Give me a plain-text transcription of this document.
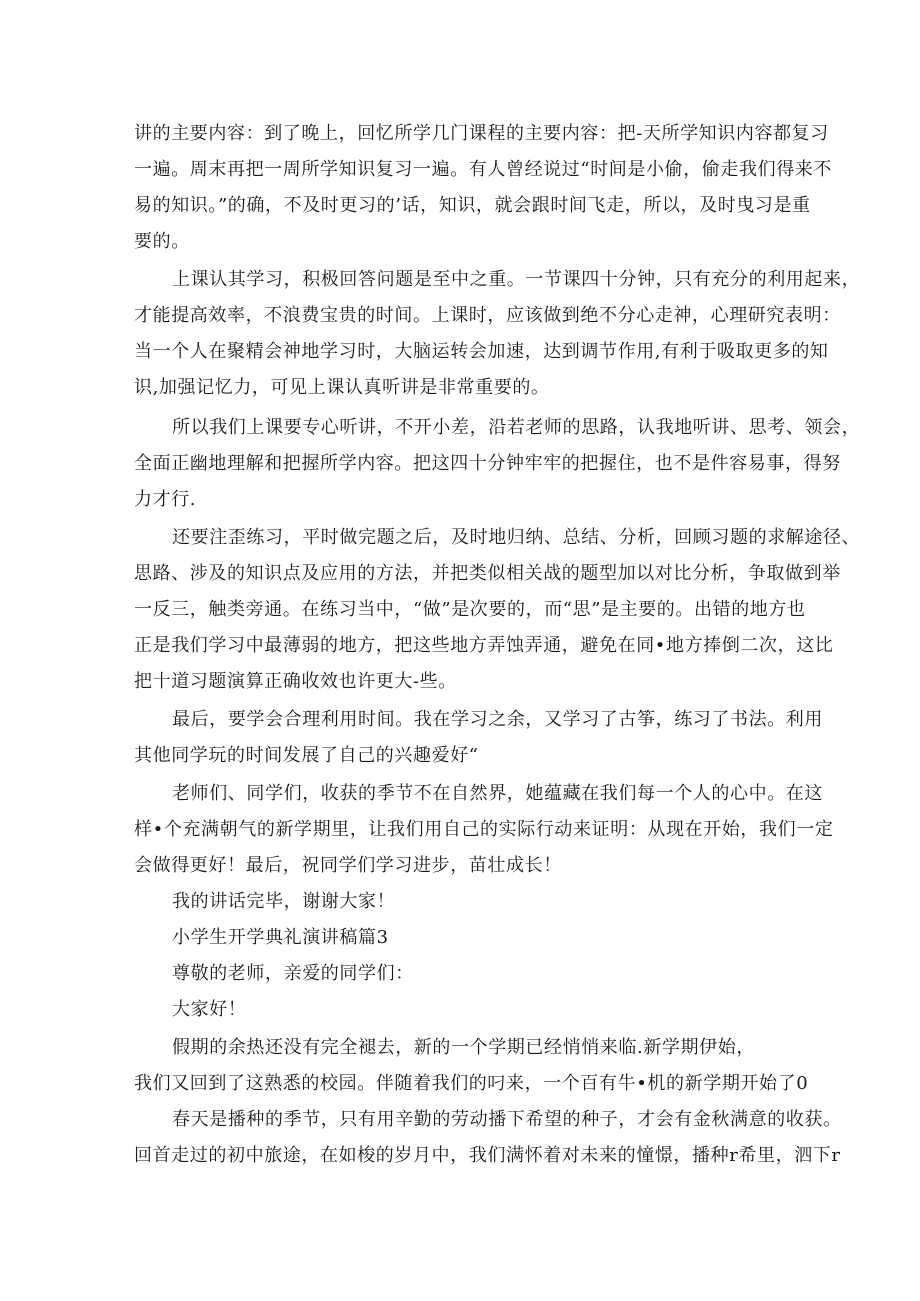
讲的主要内容：到了晚上，回忆所学几门课程的主要内容：把-天所学知识内容都复习
一遍。周末再把一周所学知识复习一遍。有人曾经说过“时间是小偷，偷走我们得来不
易的知识。”的确，不及时更习的’话，知识，就会跟时间飞走，所以，及时曳习是重
要的。
上课认其学习，积极回答问题是至中之重。一节课四十分钟，只有充分的利用起来，
才能提高效率，不浪费宝贵的时间。上课时，应该做到绝不分心走神，心理研究表明：
当一个人在聚精会神地学习时，大脑运转会加速，达到调节作用,有利于吸取更多的知
识,加强记忆力，可见上课认真听讲是非常重要的。
所以我们上课要专心听讲，不开小差，沿若老师的思路，认我地听讲、思考、领会，
全面正幽地理解和把握所学内容。把这四十分钟牢牢的把握住，也不是件容易事，得努
力才行.
还要注歪练习，平时做完题之后，及时地归纳、总结、分析，回顾习题的求解途径、
思路、涉及的知识点及应用的方法，并把类似相关战的题型加以对比分析，争取做到举
一反三，触类旁通。在练习当中，“做”是次要的，而“思”是主要的。出错的地方也
正是我们学习中最薄弱的地方，把这些地方弄蚀弄通，避免在同•地方捧倒二次，这比
把十道习题演算正确收效也许更大-些。
最后，要学会合理利用时间。我在学习之余，又学习了古筝，练习了书法。利用
其他同学玩的时间发展了自己的兴趣爱好“
老师们、同学们，收获的季节不在自然界，她蕴藏在我们每一个人的心中。在这
样•个充满朝气的新学期里，让我们用自己的实际行动来证明：从现在开始，我们一定
会做得更好！最后，祝同学们学习进步，苗壮成长！
我的讲话完毕，谢谢大家！
小学生开学典礼演讲稿篇3
尊敬的老师，亲爱的同学们：
大家好！
假期的余热还没有完全褪去，新的一个学期已经悄悄来临.新学期伊始，
我们又回到了这熟悉的校园。伴随着我们的叼来，一个百有牛•机的新学期开始了0
春天是播种的季节，只有用辛勤的劳动播下希望的种子，才会有金秋满意的收获。
回首走过的初中旅途，在如梭的岁月中，我们满怀着对未来的憧憬，播种r希里，泗下r
